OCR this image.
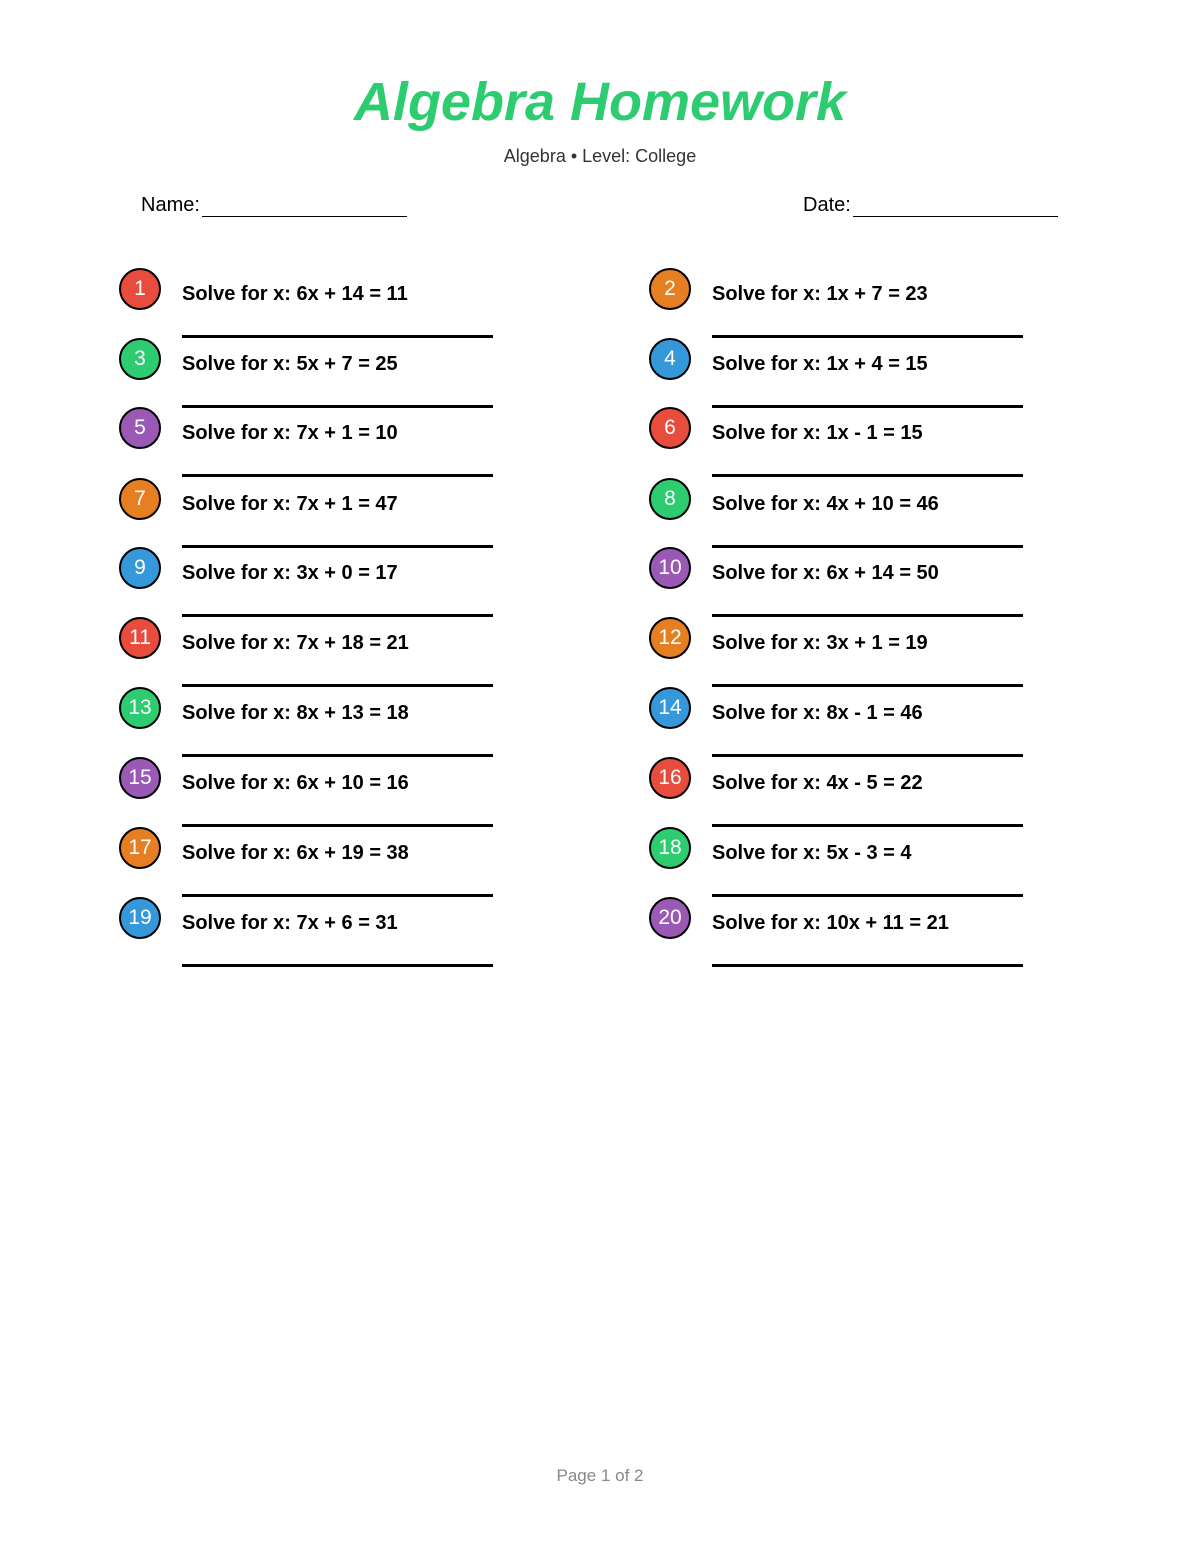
Algebra Homework
Algebra • Level: College
Name:	Date:
1	Solve for x: 6x + 14 = 11	2	Solve for x: 1x + 7 = 23
3	Solve for x: 5x + 7 = 25	4	Solve for x: 1x + 4 = 15
5	Solve for x: 7x + 1 = 10	6	Solve for x: 1x - 1 = 15
7	Solve for x: 7x + 1 = 47	8	Solve for x: 4x + 10 = 46
9	Solve for x: 3x + 0 = 17	10	Solve for x: 6x + 14 = 50
11	Solve for x: 7x + 18 = 21	12	Solve for x: 3x + 1 = 19
13	Solve for x: 8x + 13 = 18	14	Solve for x: 8x - 1 = 46
15	Solve for x: 6x + 10 = 16	16	Solve for x: 4x - 5 = 22
17	Solve for x: 6x + 19 = 38	18	Solve for x: 5x - 3 = 4
19	Solve for x: 7x + 6 = 31	20	Solve for x: 10x + 11 = 21
Page 1 of 2
